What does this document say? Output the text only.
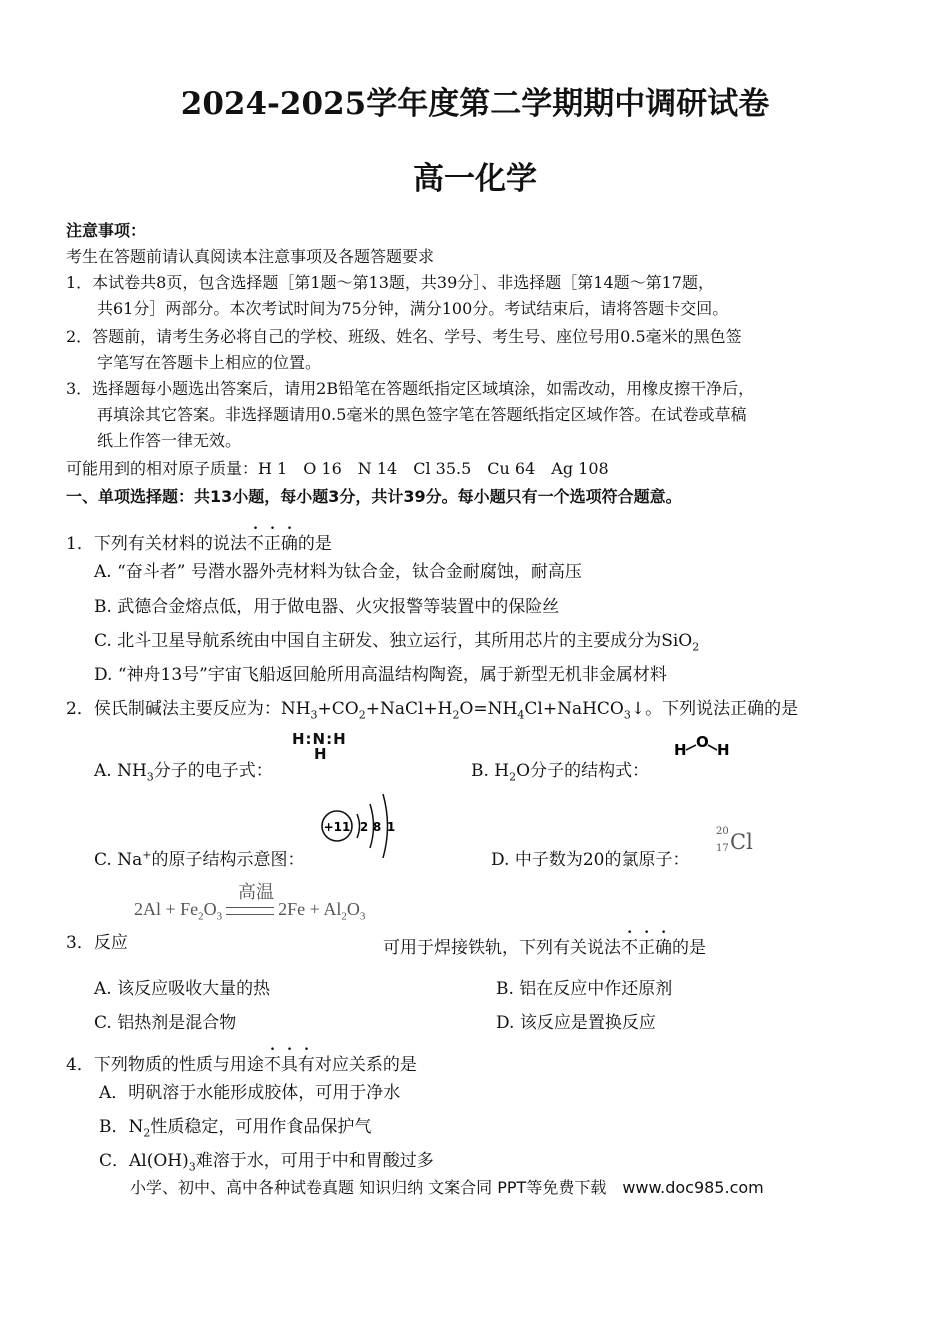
2024-2025学年度第二学期期中调研试卷
高一化学
注意事项：
考生在答题前请认真阅读本注意事项及各题答题要求
1．本试卷共8页，包含选择题［第1题～第13题，共39分］、非选择题［第14题～第17题，
共61分］两部分。本次考试时间为75分钟，满分100分。考试结束后，请将答题卡交回。
2．答题前，请考生务必将自己的学校、班级、姓名、学号、考生号、座位号用0.5毫米的黑色签
字笔写在答题卡上相应的位置。
3．选择题每小题选出答案后，请用2B铅笔在答题纸指定区域填涂，如需改动，用橡皮擦干净后，
再填涂其它答案。非选择题请用0.5毫米的黑色签字笔在答题纸指定区域作答。在试卷或草稿
纸上作答一律无效。
可能用到的相对原子质量：H 1　O 16　N 14　Cl 35.5　Cu 64　Ag 108
一、单项选择题：共13小题，每小题3分，共计39分。每小题只有一个选项符合题意。
1．下列有关材料的说法不正确的是
A. “奋斗者” 号潜水器外壳材料为钛合金，钛合金耐腐蚀，耐高压
B. 武德合金熔点低，用于做电器、火灾报警等装置中的保险丝
C. 北斗卫星导航系统由中国自主研发、独立运行，其所用芯片的主要成分为SiO$_2$
D. “神舟13号”宇宙飞船返回舱所用高温结构陶瓷，属于新型无机非金属材料
2．侯氏制碱法主要反应为：$NH_3+CO_2+NaCl+H_2O=NH_4Cl+NaHCO_3↓$。下列说法正确的是
A. $NH_3$分子的电子式：
H:N:H
H
B. $H_2O$分子的结构式：
H O H
C. Na+的原子结构示意图：
+11 2 8 1
D. 中子数为20的氯原子：
20
17 Cl
高温
$2Al + Fe_2O_3$	$2Fe + Al_2O_3$
3．反应	可用于焊接铁轨，下列有关说法不正确的是
A. 该反应吸收大量的热	B. 铝在反应中作还原剂
C. 铝热剂是混合物	D. 该反应是置换反应
4．下列物质的性质与用途不具有对应关系的是
A．明矾溶于水能形成胶体，可用于净水
B．$N_2$性质稳定，可用作食品保护气
C．$Al(OH)_3$难溶于水，可用于中和胃酸过多
小学、初中、高中各种试卷真题 知识归纳 文案合同 PPT等免费下载　www.doc985.com
